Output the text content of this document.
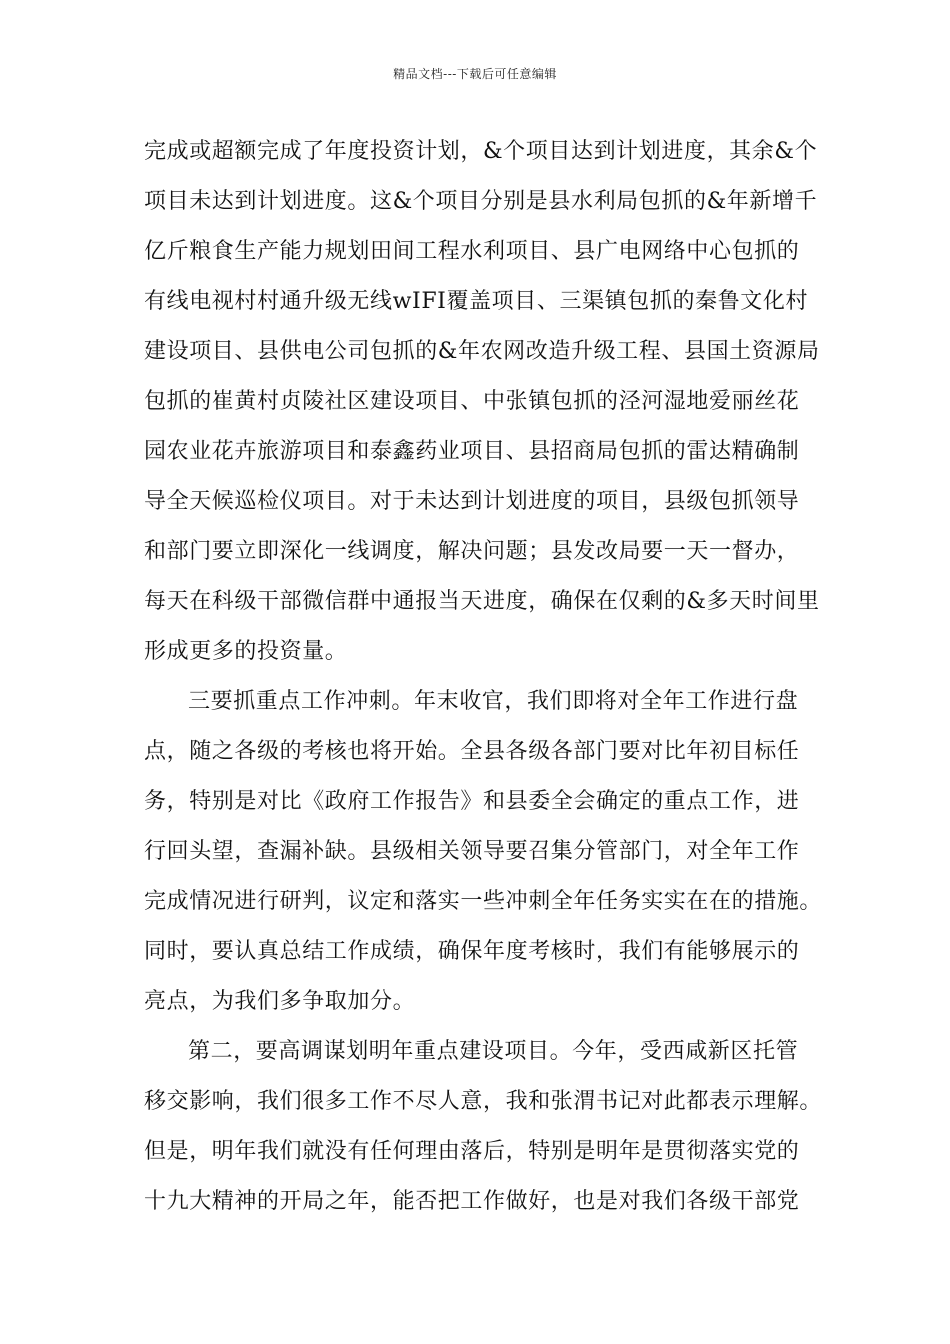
精品文档---下载后可任意编辑
完成或超额完成了年度投资计划，&个项目达到计划进度，其余&个
项目未达到计划进度。这&个项目分别是县水利局包抓的&年新增千
亿斤粮食生产能力规划田间工程水利项目、县广电网络中心包抓的
有线电视村村通升级无线wIFI覆盖项目、三渠镇包抓的秦鲁文化村
建设项目、县供电公司包抓的&年农网改造升级工程、县国土资源局
包抓的崔黄村贞陵社区建设项目、中张镇包抓的泾河湿地爱丽丝花
园农业花卉旅游项目和泰鑫药业项目、县招商局包抓的雷达精确制
导全天候巡检仪项目。对于未达到计划进度的项目，县级包抓领导
和部门要立即深化一线调度，解决问题；县发改局要一天一督办，
每天在科级干部微信群中通报当天进度，确保在仅剩的&多天时间里
形成更多的投资量。
三要抓重点工作冲刺。年末收官，我们即将对全年工作进行盘
点，随之各级的考核也将开始。全县各级各部门要对比年初目标任
务，特别是对比《政府工作报告》和县委全会确定的重点工作，进
行回头望，查漏补缺。县级相关领导要召集分管部门，对全年工作
完成情况进行研判，议定和落实一些冲刺全年任务实实在在的措施。
同时，要认真总结工作成绩，确保年度考核时，我们有能够展示的
亮点，为我们多争取加分。
第二，要高调谋划明年重点建设项目。今年，受西咸新区托管
移交影响，我们很多工作不尽人意，我和张渭书记对此都表示理解。
但是，明年我们就没有任何理由落后，特别是明年是贯彻落实党的
十九大精神的开局之年，能否把工作做好，也是对我们各级干部党
